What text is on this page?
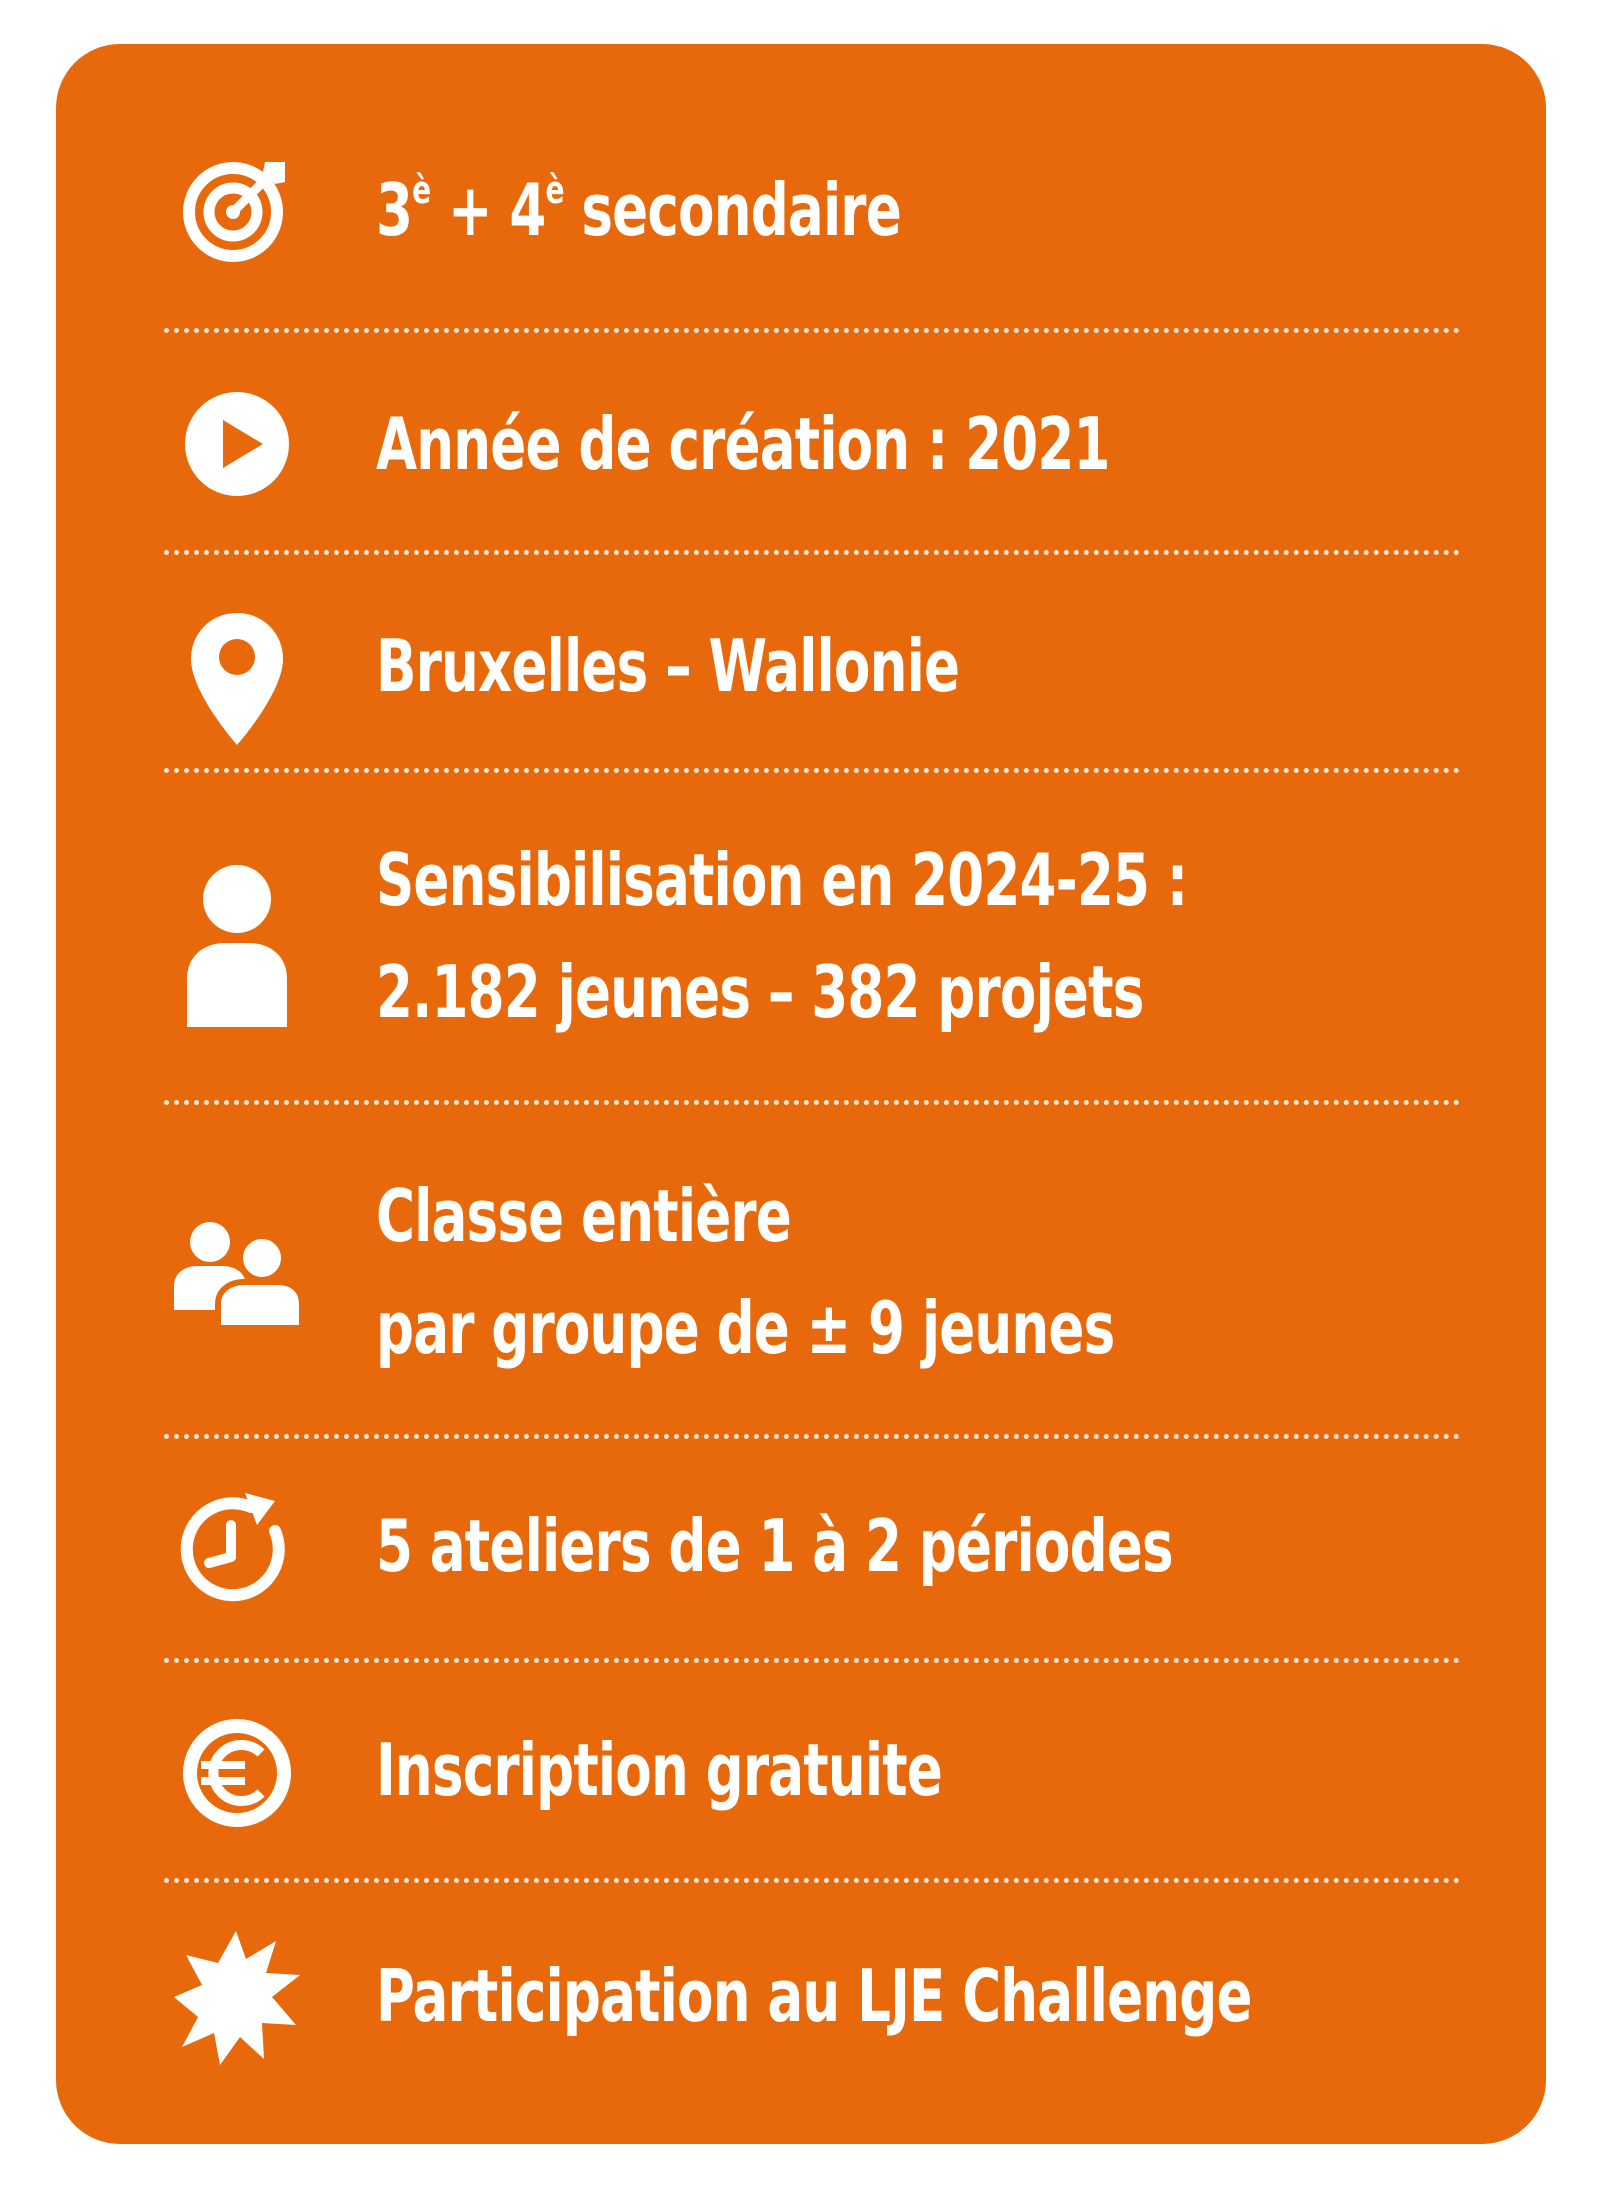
$3^è + 4^è$ secondaire
Année de création : 2021
Bruxelles – Wallonie
Sensibilisation en 2024-25 :
2.182 jeunes – 382 projets
Classe entière
par groupe de ± 9 jeunes
5 ateliers de 1 à 2 périodes
Inscription gratuite
Participation au LJE Challenge
